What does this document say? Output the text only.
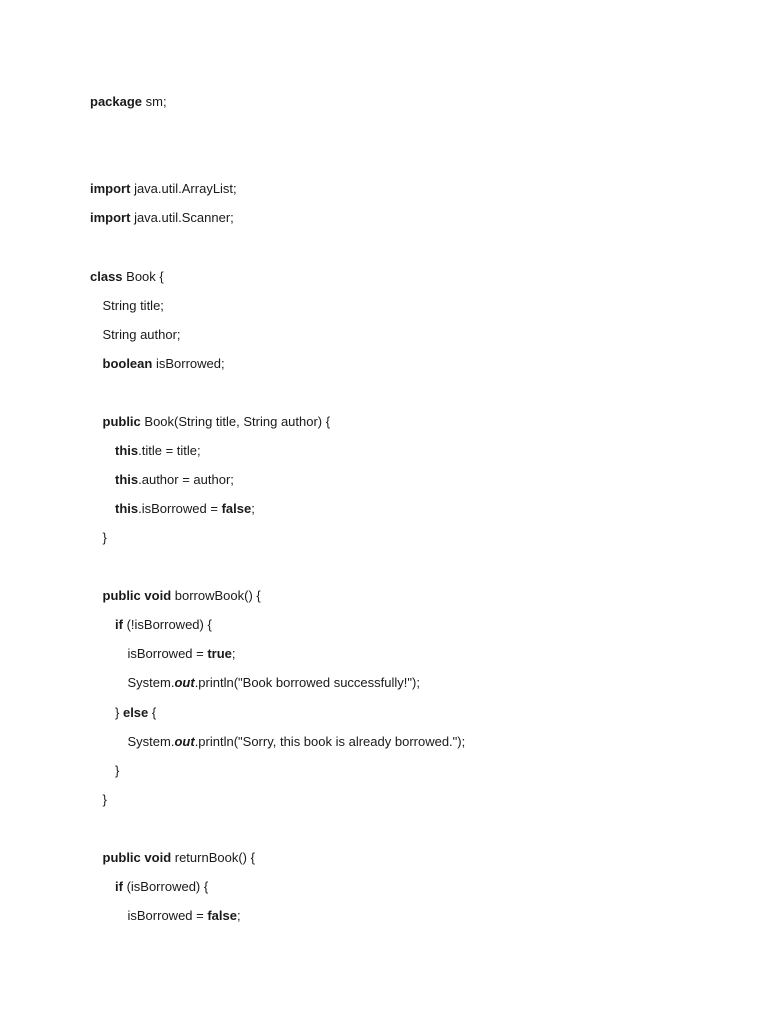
package sm;
import java.util.ArrayList;
import java.util.Scanner;
class Book {
String title;
String author;
boolean isBorrowed;
public Book(String title, String author) {
this.title = title;
this.author = author;
this.isBorrowed = false;
}
public void borrowBook() {
if (!isBorrowed) {
isBorrowed = true;
System.out.println("Book borrowed successfully!");
} else {
System.out.println("Sorry, this book is already borrowed.");
}
}
public void returnBook() {
if (isBorrowed) {
isBorrowed = false;
